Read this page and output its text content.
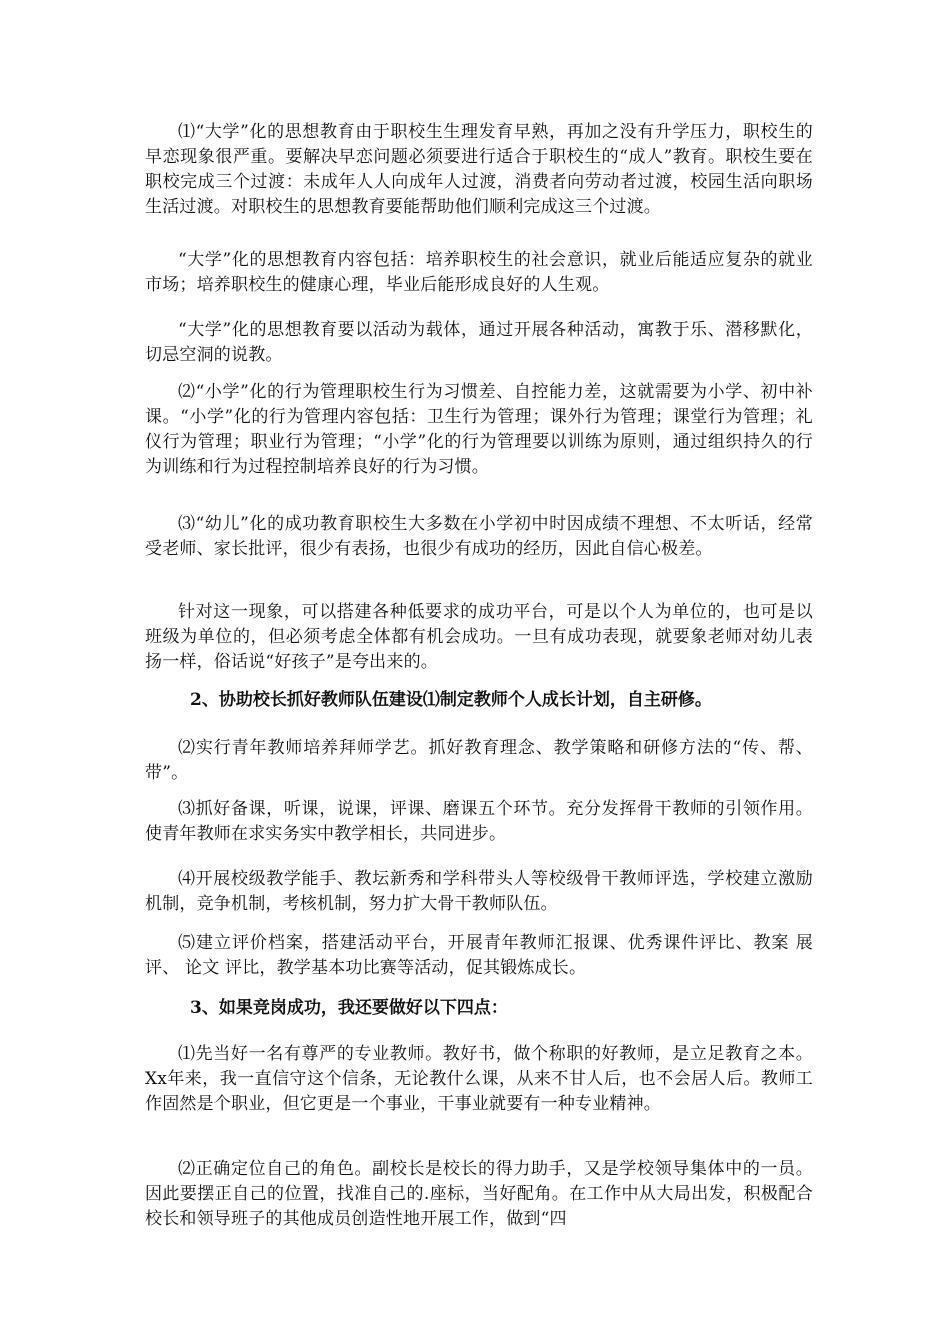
⑴“大学”化的思想教育由于职校生生理发育早熟，再加之没有升学压力，职校生的早恋现象很严重。要解决早恋问题必须要进行适合于职校生的“成人”教育。职校生要在职校完成三个过渡：未成年人人向成年人过渡，消费者向劳动者过渡，校园生活向职场生活过渡。对职校生的思想教育要能帮助他们顺利完成这三个过渡。

“大学”化的思想教育内容包括：培养职校生的社会意识，就业后能适应复杂的就业市场；培养职校生的健康心理，毕业后能形成良好的人生观。

“大学”化的思想教育要以活动为载体，通过开展各种活动，寓教于乐、潜移默化，切忌空洞的说教。

⑵“小学”化的行为管理职校生行为习惯差、自控能力差，这就需要为小学、初中补课。“小学”化的行为管理内容包括：卫生行为管理；课外行为管理；课堂行为管理；礼仪行为管理；职业行为管理；“小学”化的行为管理要以训练为原则，通过组织持久的行为训练和行为过程控制培养良好的行为习惯。

⑶“幼儿”化的成功教育职校生大多数在小学初中时因成绩不理想、不太听话，经常受老师、家长批评，很少有表扬，也很少有成功的经历，因此自信心极差。

针对这一现象，可以搭建各种低要求的成功平台，可是以个人为单位的，也可是以班级为单位的，但必须考虑全体都有机会成功。一旦有成功表现，就要象老师对幼儿表扬一样，俗话说“好孩子”是夸出来的。

2、协助校长抓好教师队伍建设⑴制定教师个人成长计划，自主研修。

⑵实行青年教师培养拜师学艺。抓好教育理念、教学策略和研修方法的“传、帮、带”。

⑶抓好备课，听课，说课，评课、磨课五个环节。充分发挥骨干教师的引领作用。使青年教师在求实务实中教学相长，共同进步。

⑷开展校级教学能手、教坛新秀和学科带头人等校级骨干教师评选，学校建立激励机制，竞争机制，考核机制，努力扩大骨干教师队伍。

⑸建立评价档案，搭建活动平台，开展青年教师汇报课、优秀课件评比、教案 展评、 论文 评比，教学基本功比赛等活动，促其锻炼成长。

3、如果竞岗成功，我还要做好以下四点：

⑴先当好一名有尊严的专业教师。教好书，做个称职的好教师，是立足教育之本。Xx年来，我一直信守这个信条，无论教什么课，从来不甘人后，也不会居人后。教师工作固然是个职业，但它更是一个事业，干事业就要有一种专业精神。

⑵正确定位自己的角色。副校长是校长的得力助手，又是学校领导集体中的一员。因此要摆正自己的位置，找准自己的.座标，当好配角。在工作中从大局出发，积极配合校长和领导班子的其他成员创造性地开展工作，做到“四
